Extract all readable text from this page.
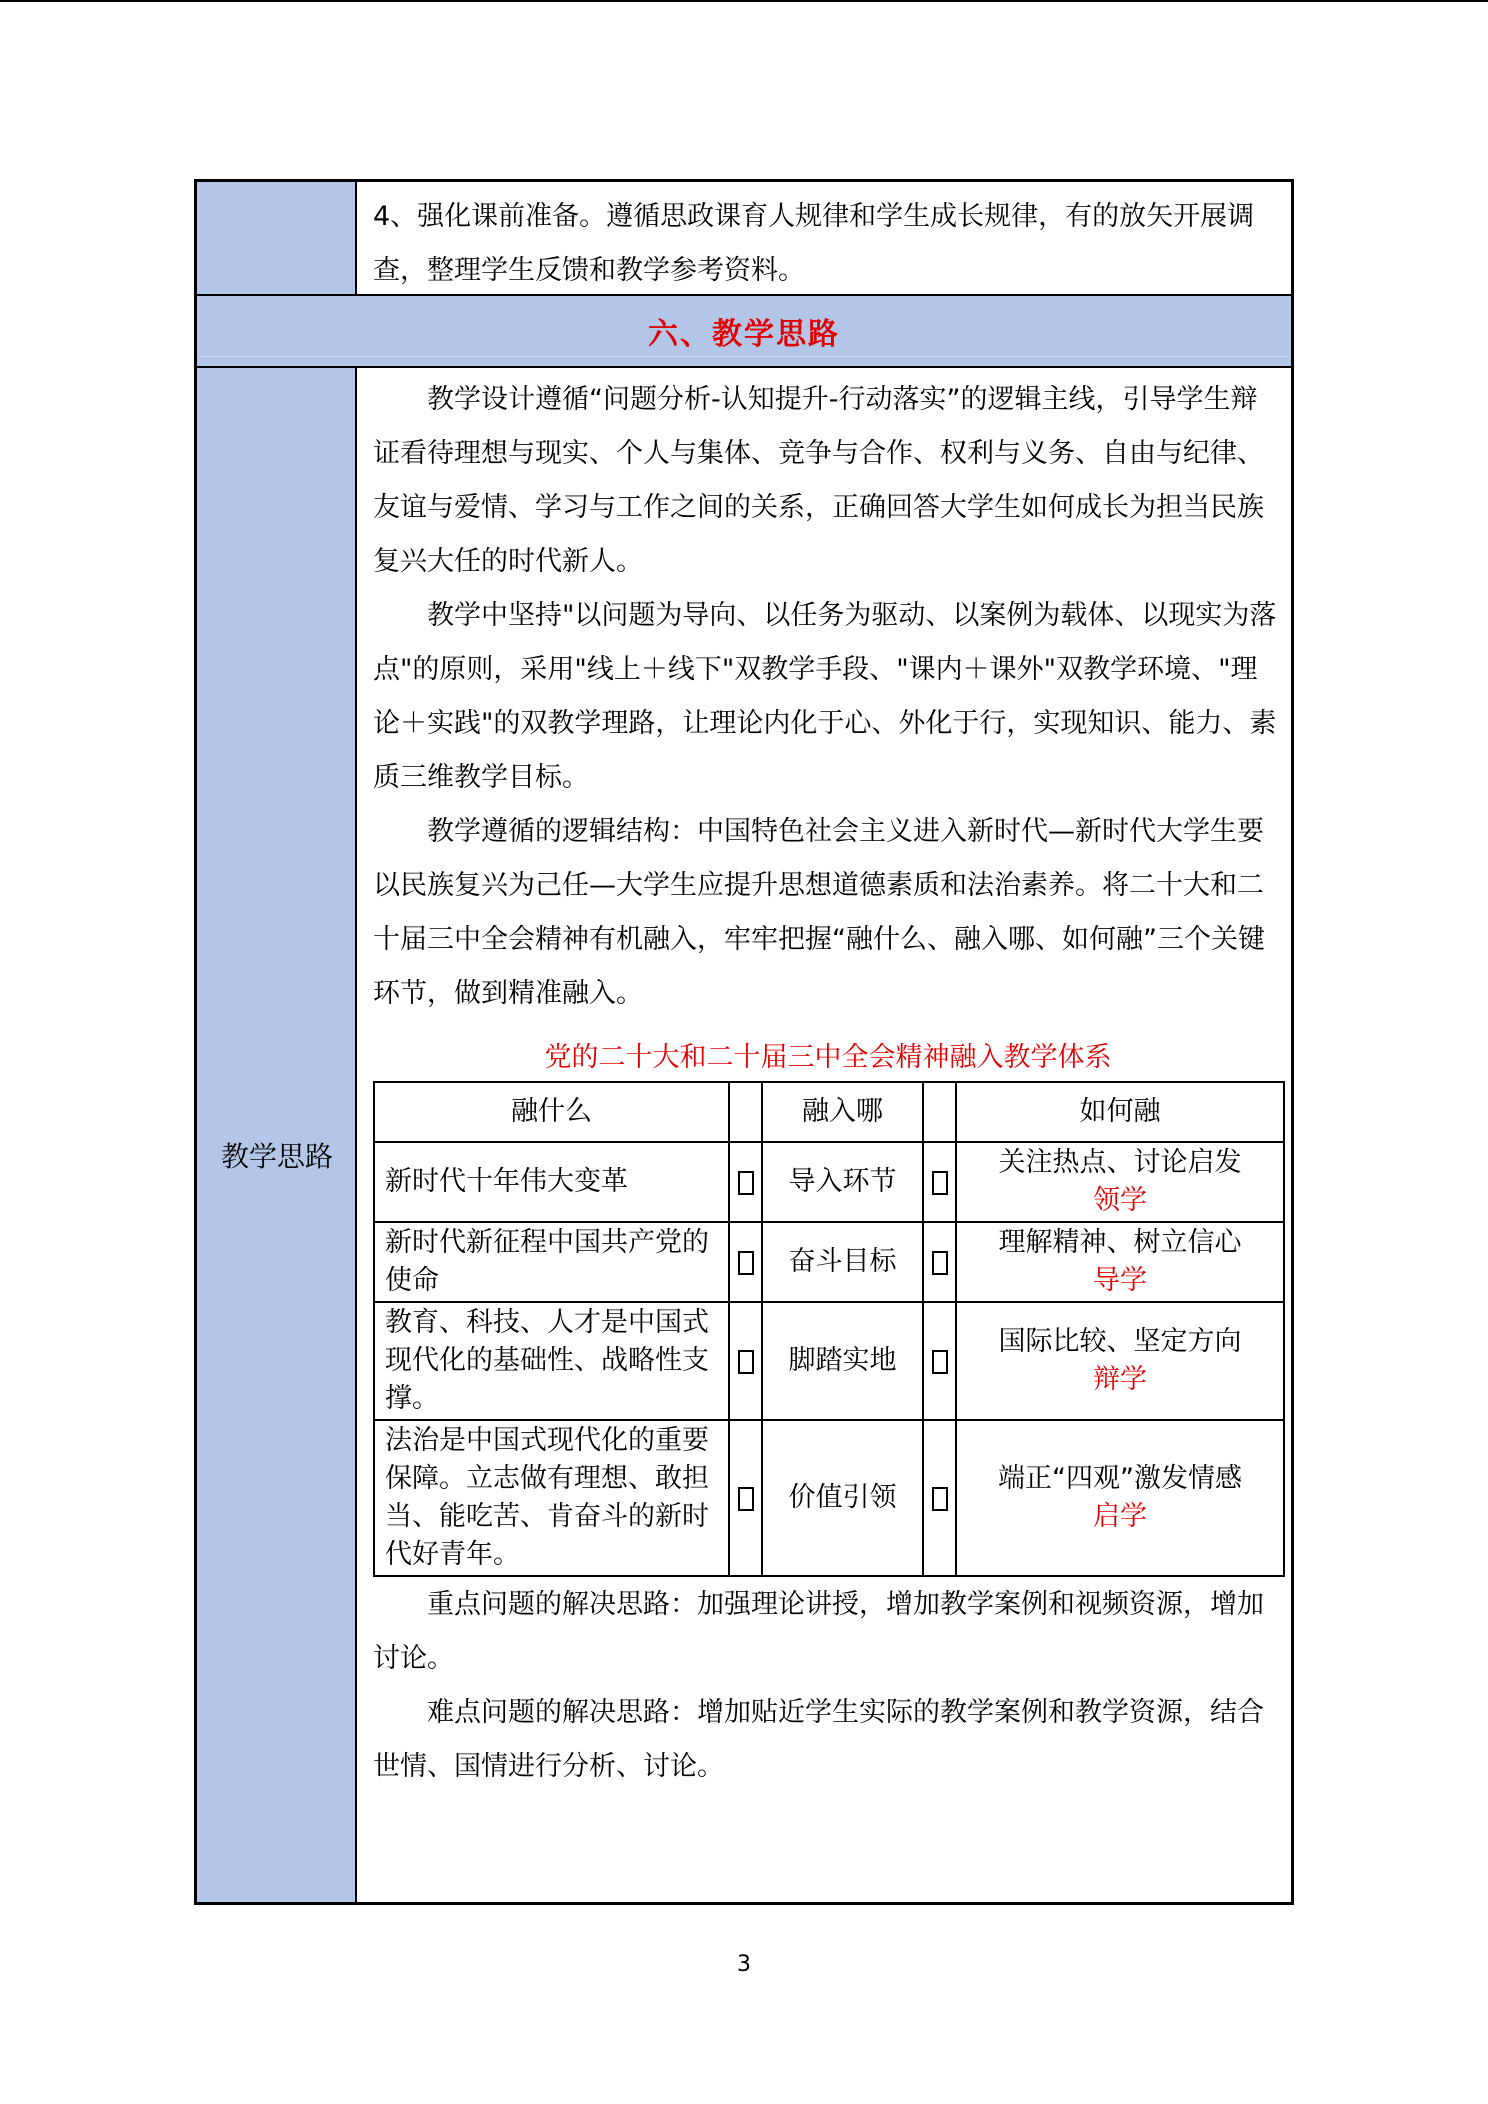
4、强化课前准备。遵循思政课育人规律和学生成长规律，有的放矢开展调查，整理学生反馈和教学参考资料。

六、教学思路
教学思路

教学设计遵循“问题分析-认知提升-行动落实”的逻辑主线，引导学生辩证看待理想与现实、个人与集体、竞争与合作、权利与义务、自由与纪律、友谊与爱情、学习与工作之间的关系，正确回答大学生如何成长为担当民族复兴大任的时代新人。

教学中坚持"以问题为导向、以任务为驱动、以案例为载体、以现实为落点"的原则，采用"线上＋线下"双教学手段、"课内＋课外"双教学环境、"理论＋实践"的双教学理路，让理论内化于心、外化于行，实现知识、能力、素质三维教学目标。

教学遵循的逻辑结构：中国特色社会主义进入新时代—新时代大学生要以民族复兴为己任—大学生应提升思想道德素质和法治素养。将二十大和二十届三中全会精神有机融入，牢牢把握“融什么、融入哪、如何融”三个关键环节，做到精准融入。

党的二十大和二十届三中全会精神融入教学体系
融什么		融入哪		如何融
新时代十年伟大变革		导入环节		关注热点、讨论启发
领学

新时代新征程中国共产党的使命		奋斗目标		理解精神、树立信心
导学

教育、科技、人才是中国式现代化的基础性、战略性支撑。		脚踏实地		国际比较、坚定方向
辩学

法治是中国式现代化的重要保障。立志做有理想、敢担当、能吃苦、肯奋斗的新时代好青年。		价值引领		端正“四观”激发情感
启学

重点问题的解决思路：加强理论讲授，增加教学案例和视频资源，增加讨论。

难点问题的解决思路：增加贴近学生实际的教学案例和教学资源，结合世情、国情进行分析、讨论。

3
